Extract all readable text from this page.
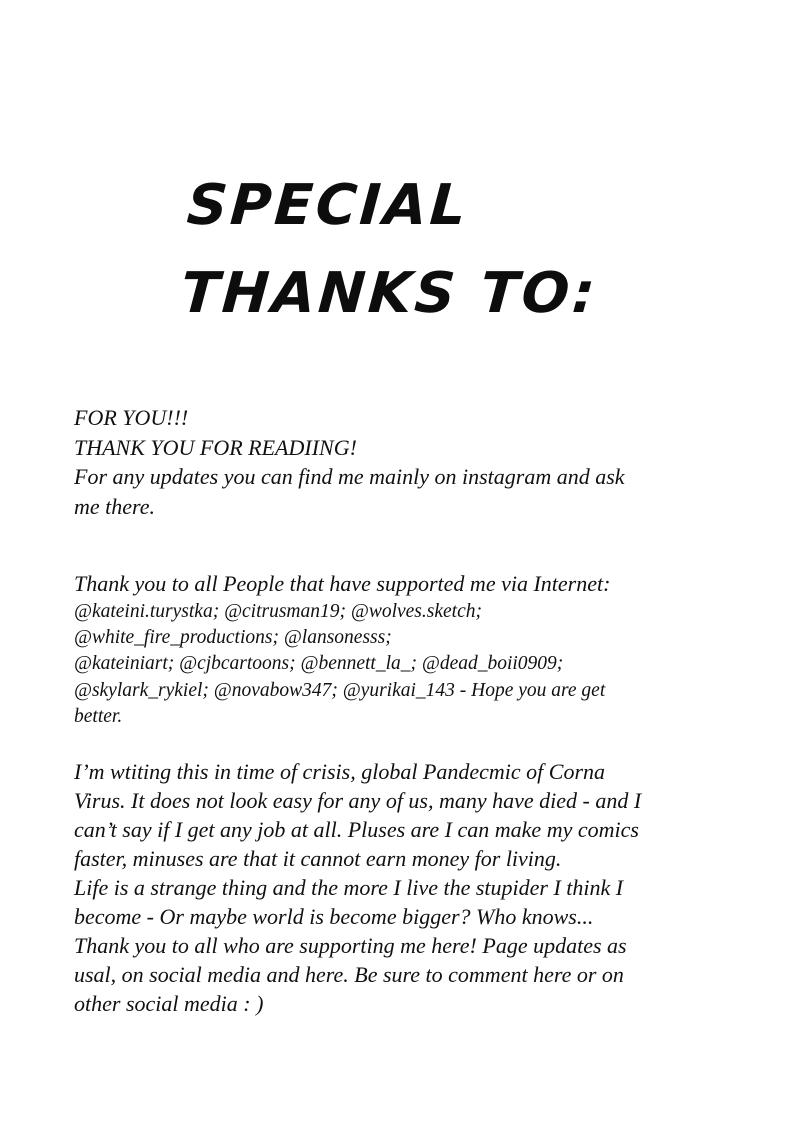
SPECIAL
THANKS TO:

FOR YOU!!!

THANK YOU FOR READIING!

For any updates you can find me mainly on instagram and ask

me there.

Thank you to all People that have supported me via Internet:

@kateini.turystka; @citrusman19; @wolves.sketch;

@white_fire_productions; @lansonesss;

@kateiniart; @cjbcartoons; @bennett_la_; @dead_boii0909;

@skylark_rykiel; @novabow347; @yurikai_143 - Hope you are get

better.

I’m wtiting this in time of crisis, global Pandecmic of Corna

Virus. It does not look easy for any of us, many have died - and I

can’t say if I get any job at all. Pluses are I can make my comics

faster, minuses are that it cannot earn money for living.

Life is a strange thing and the more I live the stupider I think I

become - Or maybe world is become bigger? Who knows...

Thank you to all who are supporting me here! Page updates as

usal, on social media and here. Be sure to comment here or on

other social media : )
